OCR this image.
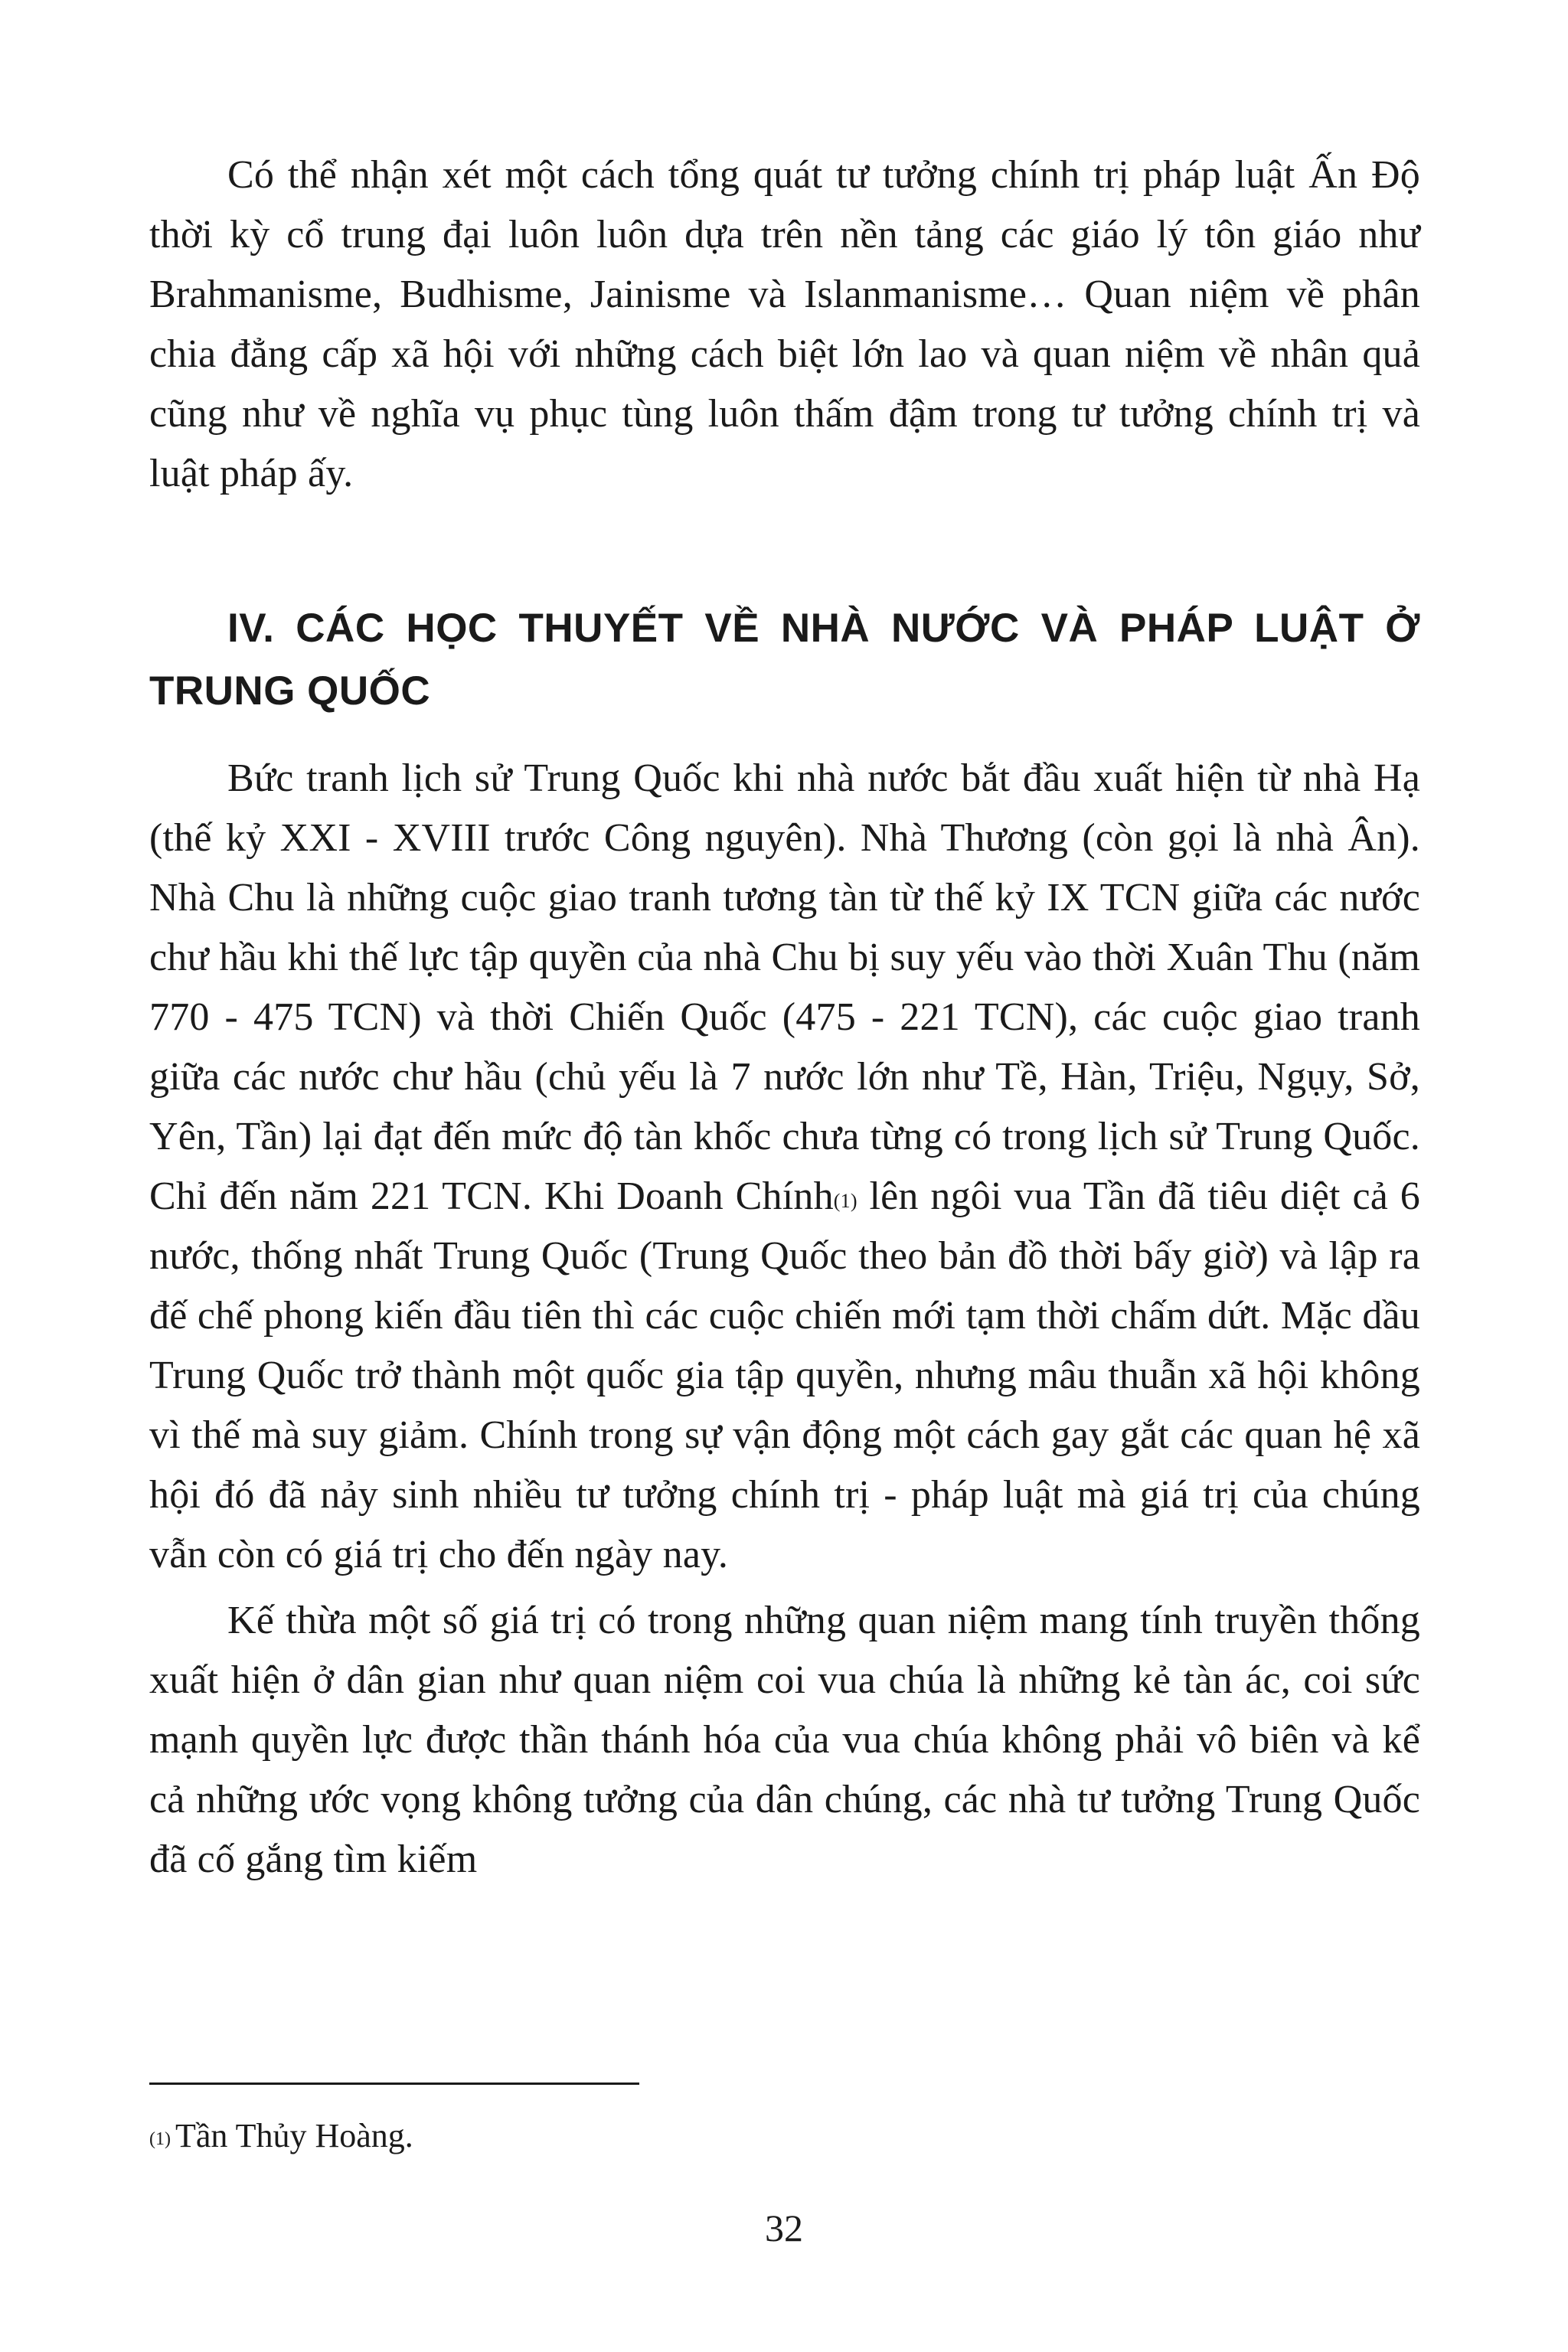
Có thể nhận xét một cách tổng quát tư tưởng chính trị pháp luật Ấn Độ thời kỳ cổ trung đại luôn luôn dựa trên nền tảng các giáo lý tôn giáo như Brahmanisme, Budhisme, Jainisme và Islanmanisme… Quan niệm về phân chia đẳng cấp xã hội với những cách biệt lớn lao và quan niệm về nhân quả cũng như về nghĩa vụ phục tùng luôn thấm đậm trong tư tưởng chính trị và luật pháp ấy.

IV. CÁC HỌC THUYẾT VỀ NHÀ NƯỚC VÀ PHÁP LUẬT Ở TRUNG QUỐC

Bức tranh lịch sử Trung Quốc khi nhà nước bắt đầu xuất hiện từ nhà Hạ (thế kỷ XXI - XVIII trước Công nguyên). Nhà Thương (còn gọi là nhà Ân). Nhà Chu là những cuộc giao tranh tương tàn từ thế kỷ IX TCN giữa các nước chư hầu khi thế lực tập quyền của nhà Chu bị suy yếu vào thời Xuân Thu (năm 770 - 475 TCN) và thời Chiến Quốc (475 - 221 TCN), các cuộc giao tranh giữa các nước chư hầu (chủ yếu là 7 nước lớn như Tề, Hàn, Triệu, Ngụy, Sở, Yên, Tần) lại đạt đến mức độ tàn khốc chưa từng có trong lịch sử Trung Quốc. Chỉ đến năm 221 TCN. Khi Doanh Chính$^{(1)}$ lên ngôi vua Tần đã tiêu diệt cả 6 nước, thống nhất Trung Quốc (Trung Quốc theo bản đồ thời bấy giờ) và lập ra đế chế phong kiến đầu tiên thì các cuộc chiến mới tạm thời chấm dứt. Mặc dầu Trung Quốc trở thành một quốc gia tập quyền, nhưng mâu thuẫn xã hội không vì thế mà suy giảm. Chính trong sự vận động một cách gay gắt các quan hệ xã hội đó đã nảy sinh nhiều tư tưởng chính trị - pháp luật mà giá trị của chúng vẫn còn có giá trị cho đến ngày nay.

Kế thừa một số giá trị có trong những quan niệm mang tính truyền thống xuất hiện ở dân gian như quan niệm coi vua chúa là những kẻ tàn ác, coi sức mạnh quyền lực được thần thánh hóa của vua chúa không phải vô biên và kể cả những ước vọng không tưởng của dân chúng, các nhà tư tưởng Trung Quốc đã cố gắng tìm kiếm

$^{(1)}$ Tần Thủy Hoàng.
32
